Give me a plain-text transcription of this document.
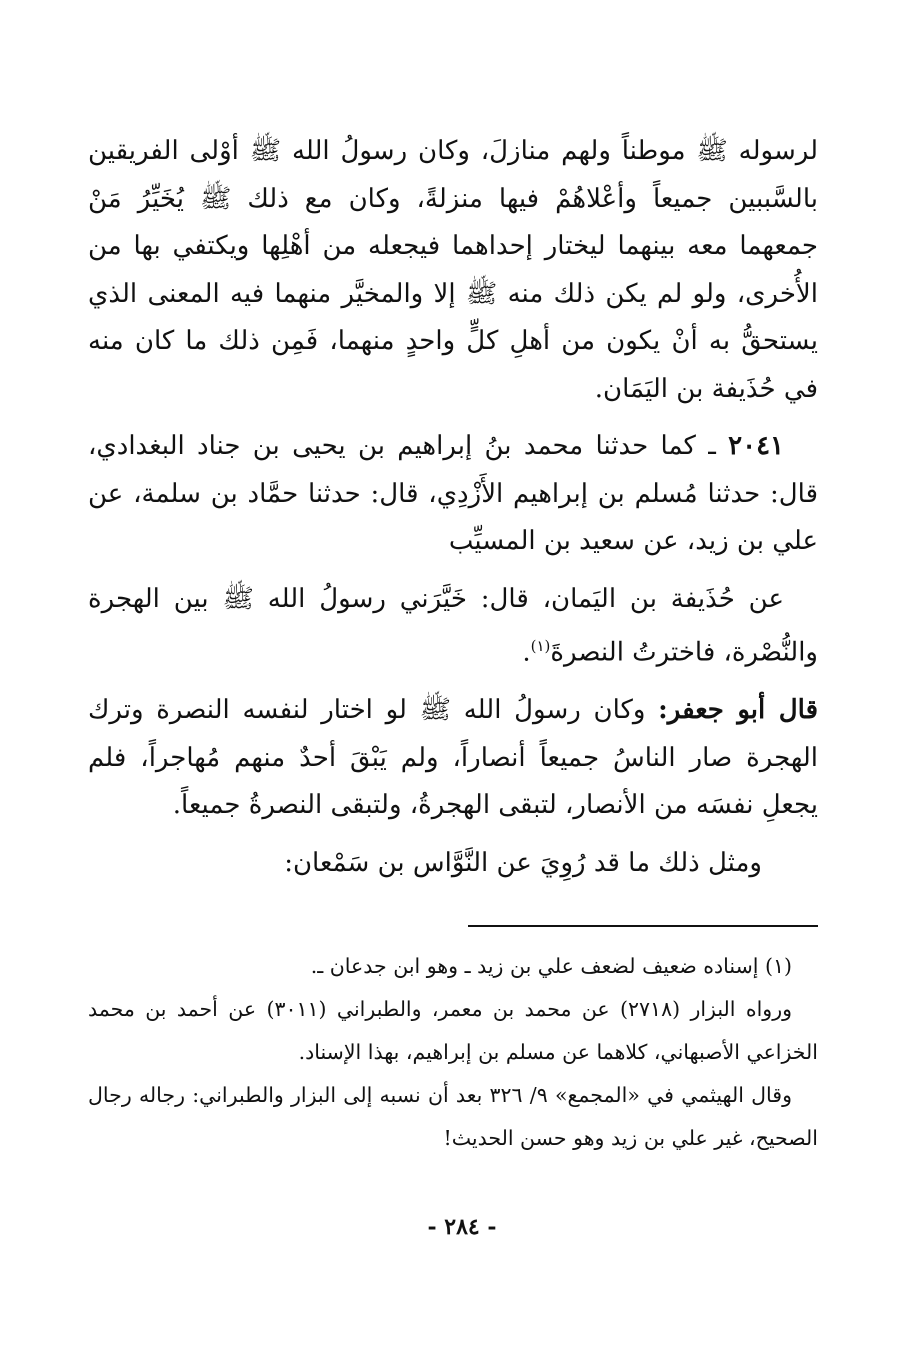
لرسوله ﷺ موطناً ولهم منازلَ، وكان رسولُ الله ﷺ أوْلى الفريقين بالسَّببين جميعاً وأعْلاهُمْ فيها منزلةً، وكان مع ذلك ﷺ يُخَيِّرُ مَنْ جمعهما معه بينهما ليختار إحداهما فيجعله من أهْلِها ويكتفي بها من الأُخرى، ولو لم يكن ذلك منه ﷺ إلا والمخيَّر منهما فيه المعنى الذي يستحقُّ به أنْ يكون من أهلِ كلٍّ واحدٍ منهما، فَمِن ذلك ما كان منه في حُذَيفة بن اليَمَان.

٢٠٤١ ـ كما حدثنا محمد بنُ إبراهيم بن يحيى بن جناد البغدادي، قال: حدثنا مُسلم بن إبراهيم الأَزْدِي، قال: حدثنا حمَّاد بن سلمة، عن علي بن زيد، عن سعيد بن المسيِّب

عن حُذَيفة بن اليَمان، قال: خَيَّرَني رسولُ الله ﷺ بين الهجرة والنُّصْرة، فاخترتُ النصرةَ$^{(١)}$.

قال أبو جعفر: وكان رسولُ الله ﷺ لو اختار لنفسه النصرة وترك الهجرة صار الناسُ جميعاً أنصاراً، ولم يَبْقَ أحدٌ منهم مُهاجراً، فلم يجعلِ نفسَه من الأنصار، لتبقى الهجرةُ، ولتبقى النصرةُ جميعاً.

ومثل ذلك ما قد رُوِيَ عن النَّوَّاس بن سَمْعان:

(١) إسناده ضعيف لضعف علي بن زيد ـ وهو ابن جدعان ـ.

ورواه البزار (٢٧١٨) عن محمد بن معمر، والطبراني (٣٠١١) عن أحمد بن محمد الخزاعي الأصبهاني، كلاهما عن مسلم بن إبراهيم، بهذا الإسناد.

وقال الهيثمي في «المجمع» ٩/ ٣٢٦ بعد أن نسبه إلى البزار والطبراني: رجاله رجال الصحيح، غير علي بن زيد وهو حسن الحديث!

- ٢٨٤ -
